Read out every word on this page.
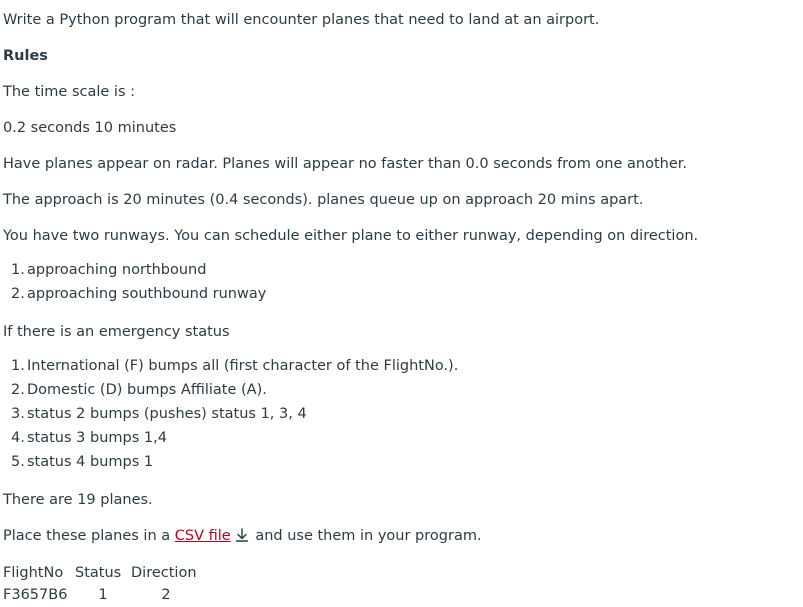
Write a Python program that will encounter planes that need to land at an airport.

Rules

The time scale is :

0.2 seconds 10 minutes

Have planes appear on radar. Planes will appear no faster than 0.0 seconds from one another.

The approach is 20 minutes (0.4 seconds). planes queue up on approach 20 mins apart.

You have two runways. You can schedule either plane to either runway, depending on direction.

1. approaching northbound
2. approaching southbound runway

If there is an emergency status

1. International (F) bumps all (first character of the FlightNo.).
2. Domestic (D) bumps Affiliate (A).
3. status 2 bumps (pushes) status 1, 3, 4
4. status 3 bumps 1,4
5. status 4 bumps 1

There are 19 planes.

Place these planes in a CSV file and use them in your program.

FlightNo	Status	Direction
F3657B6	1	2
